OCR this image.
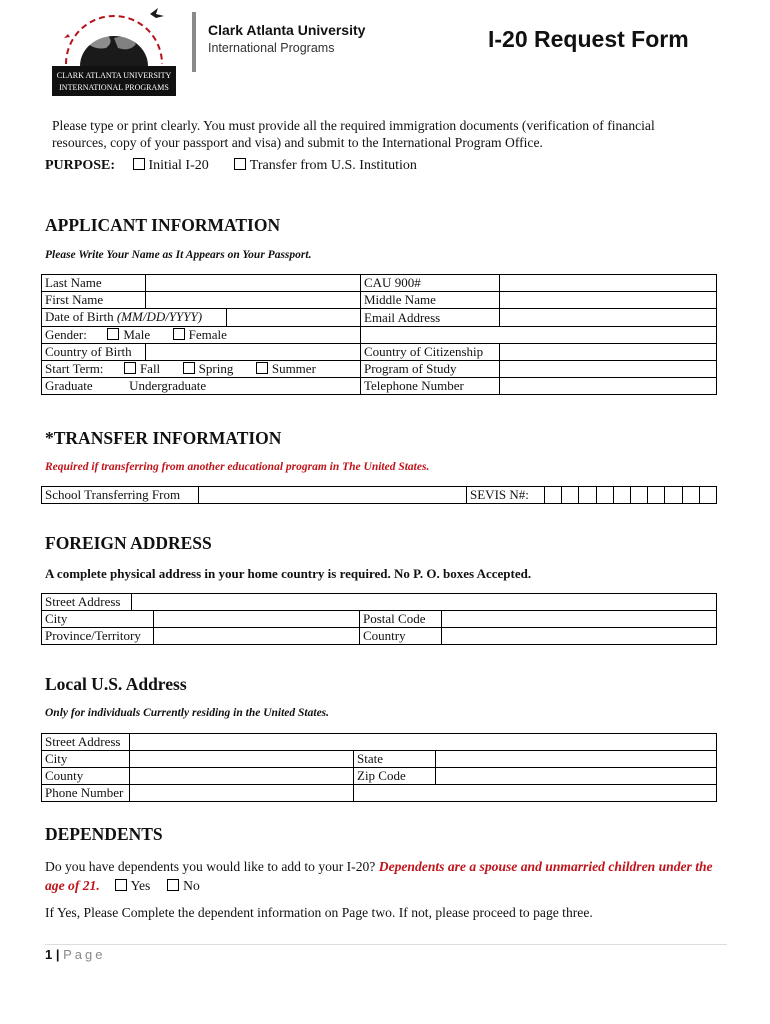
CLARK ATLANTA UNIVERSITY
INTERNATIONAL PROGRAMS
Clark Atlanta University
International Programs	I-20 Request Form
Please type or print clearly. You must provide all the required immigration documents (verification of financial resources, copy of your passport and visa) and submit to the International Program Office.
PURPOSE: Initial I-20	Transfer from U.S. Institution
APPLICANT INFORMATION
Please Write Your Name as It Appears on Your Passport.
Last Name		CAU 900#	
First Name		Middle Name	

Date of Birth (MM/DD/YYYY)		Email Address	
Gender: Male Female			
Country of Birth		Country of Citizenship	
Start Term: Fall Spring Summer		Program of Study	
Graduate Undergraduate		Telephone Number	
*TRANSFER INFORMATION
Required if transferring from another educational program in The United States.
School Transferring From		SEVIS N#:										
FOREIGN ADDRESS
A complete physical address in your home country is required. No P. O. boxes Accepted.
Street Address				
City			Postal Code	
Province/Territory			Country	
Local U.S. Address
Only for individuals Currently residing in the United States.
Street Address			
City		State	
County		Zip Code	
Phone Number			
DEPENDENTS
Do you have dependents you would like to add to your I-20? Dependents are a spouse and unmarried children under the age of 21. Yes No
If Yes, Please Complete the dependent information on Page two. If not, please proceed to page three.
1 | Page
